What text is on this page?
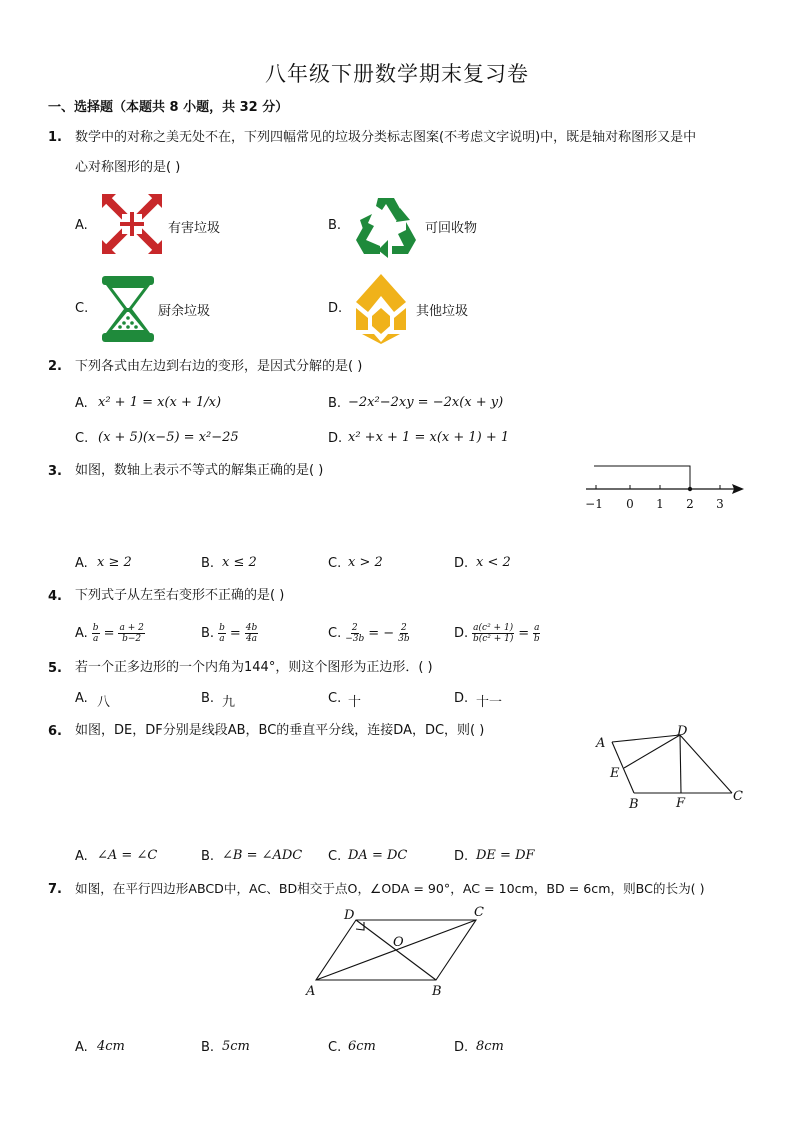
八年级下册数学期末复习卷
一、选择题（本题共 8 小题，共 32 分）
1. 数学中的对称之美无处不在，下列四幅常见的垃圾分类标志图案(不考虑文字说明)中，既是轴对称图形又是中
心对称图形的是( )
A.	有害垃圾	B.	可回收物
C.	厨余垃圾	D.	其他垃圾
2. 下列各式由左边到右边的变形，是因式分解的是( )
A. x² + 1 = x(x + 1/x)	B. −2x²−2xy = −2x(x + y)
C. (x + 5)(x−5) = x²−25	D. x² +x + 1 = x(x + 1) + 1
3. 如图，数轴上表示不等式的解集正确的是( )
−1 0 1 2 3
A. x ≥ 2	B. x ≤ 2	C. x > 2	D. x < 2
4. 下列式子从左至右变形不正确的是( )
A. $\frac{b}{a} = \frac{a + 2}{b-2}$	B. $\frac{b}{a} = \frac{4b}{4a}$	C. $\frac{2}{-3b}$ = − $\frac{2}{3b}$	D. $\frac{\text{a(c² + 1)}}{\text{b(c² + 1)}} = \frac{a}{b}$
5. 若一个正多边形的一个内角为144°，则这个图形为正边形．( )
A. 八	B. 九	C. 十	D. 十一
6. 如图，DE，DF分别是线段AB，BC的垂直平分线，连接DA，DC，则( )
A
B
C
D
E
F
A. ∠A = ∠C	B. ∠B = ∠ADC C. DA = DC	D. DE = DF
7. 如图，在平行四边形ABCD中，AC、BD相交于点O，∠ODA = 90°，AC = 10cm，BD = 6cm，则BC的长为( )
A	B
C
D
O
A. 4cm	B. 5cm	C. 6cm	D. 8cm
